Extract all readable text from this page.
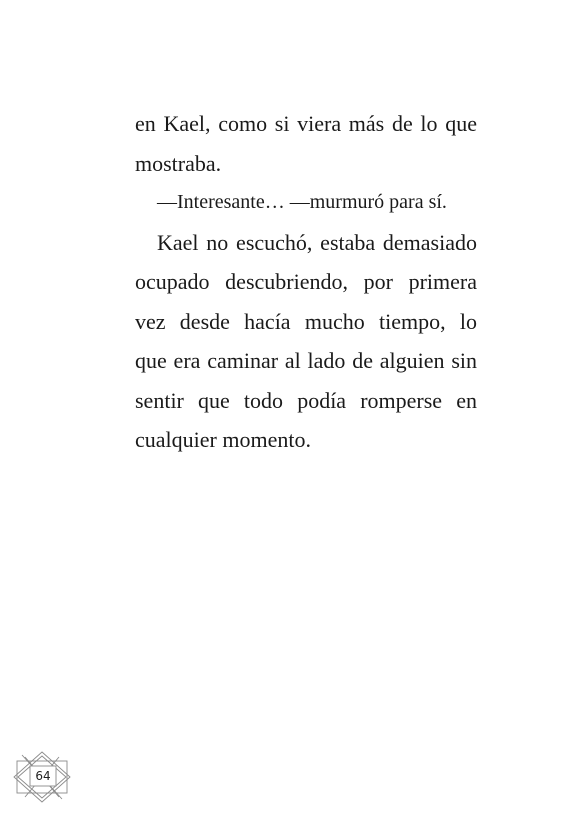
en Kael, como si viera más de lo que
mostraba.
—Interesante… —murmuró para sí.
Kael no escuchó, estaba demasiado
ocupado descubriendo, por primera
vez desde hacía mucho tiempo, lo
que era caminar al lado de alguien sin
sentir que todo podía romperse en
cualquier momento.
64
